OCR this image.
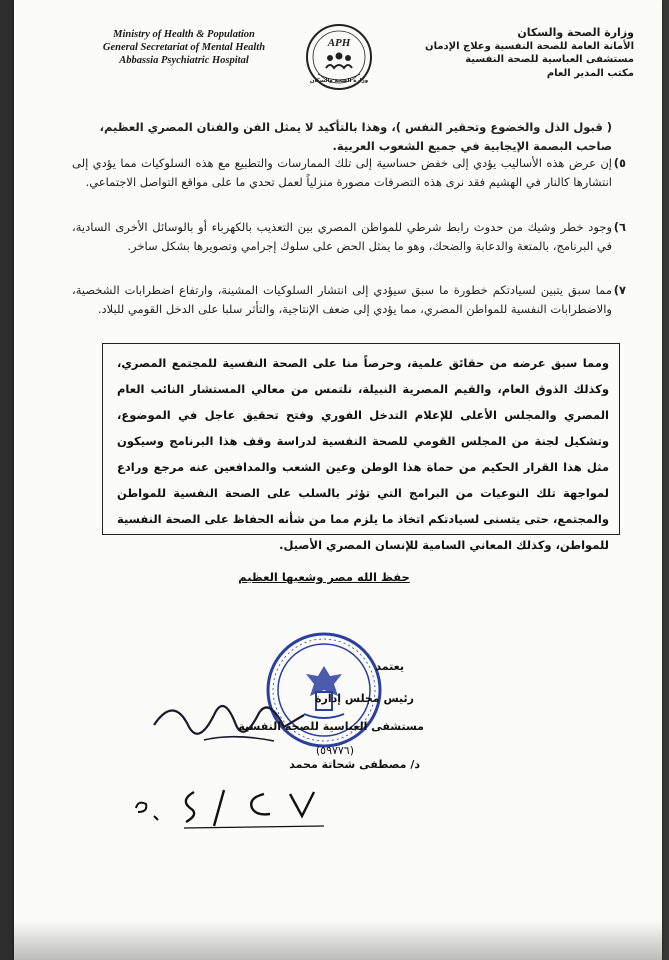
Ministry of Health & Population
General Secretariat of Mental Health
Abbassia Psychiatric Hospital
APH
وزارة الصحة والسكان
وزارة الصحة والسكان
الأمانة العامة للصحة النفسية وعلاج الإدمان
مستشفى العباسية للصحة النفسية
مكتب المدير العام
( قبول الذل والخضوع وتحقير النفس )، وهذا بالتأكيد لا يمثل الفن والفنان المصري العظيم، صاحب البصمة الإيجابية في جميع الشعوب العربية.
٥)
إن عرض هذه الأساليب يؤدي إلى خفض حساسية إلى تلك الممارسات والتطبيع مع هذه السلوكيات مما يؤدي إلى انتشارها كالنار في الهشيم فقد نرى هذه التصرفات مصورة منزلياً لعمل تحدي ما على مواقع التواصل الاجتماعي.
٦)
وجود خطر وشيك من حدوث رابط شرطي للمواطن المصري بين التعذيب بالكهرباء أو بالوسائل الأخرى السادية، في البرنامج، بالمتعة والدعابة والضحك، وهو ما يمثل الحض على سلوك إجرامي وتصويرها بشكل ساخر.
٧)
مما سبق يتبين لسيادتكم خطورة ما سبق سيؤدي إلى انتشار السلوكيات المشينة، وارتفاع اضطرابات الشخصية، والاضطرابات النفسية للمواطن المصري، مما يؤدي إلى ضعف الإنتاجية، والتأثر سلبا على الدخل القومي للبلاد.
ومما سبق عرضه من حقائق علمية، وحرصاً منا على الصحة النفسية للمجتمع المصري، وكذلك الذوق العام، والقيم المصرية النبيلة، نلتمس من معالي المستشار النائب العام المصري والمجلس الأعلى للإعلام التدخل الفوري وفتح تحقيق عاجل في الموضوع، وتشكيل لجنة من المجلس القومي للصحة النفسية لدراسة وقف هذا البرنامج وسيكون مثل هذا القرار الحكيم من حماة هذا الوطن وعين الشعب والمدافعين عنه مرجع ورادع لمواجهة تلك النوعيات من البرامج التي تؤثر بالسلب على الصحة النفسية للمواطن والمجتمع، حتى يتسنى لسيادتكم اتخاذ ما يلزم مما من شأنه الحفاظ على الصحة النفسية للمواطن، وكذلك المعاني السامية للإنسان المصري الأصيل.
حفظ الله مصر وشعبها العظيم
يعتمد
رئيس مجلس إدارة
مستشفى العباسية للصحة النفسية
(٥٩٧٧٦)
د/ مصطفى شحاتة محمد
